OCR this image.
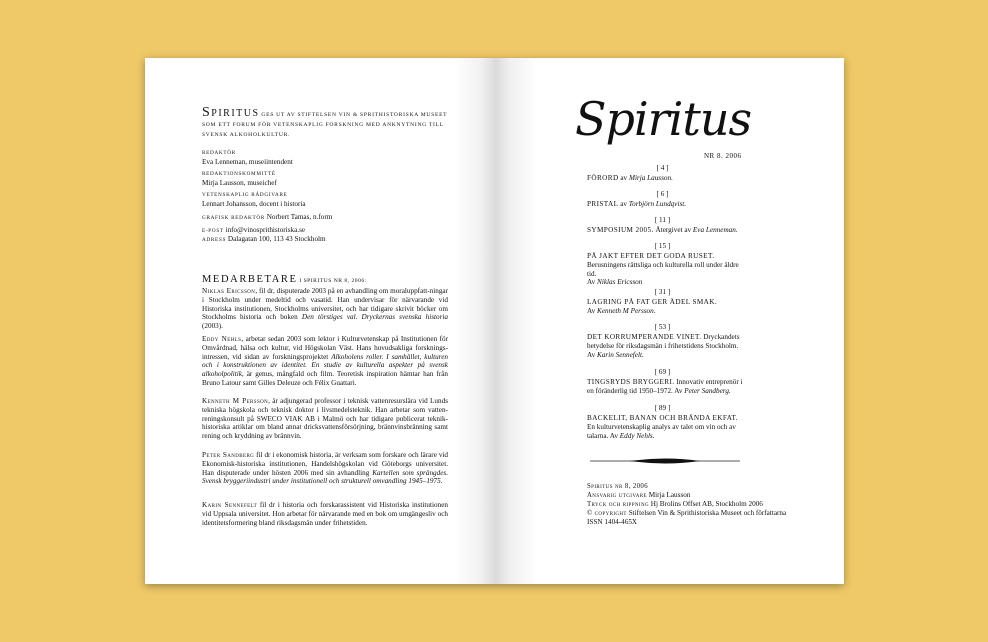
Spiritus GES UT AV STIFTELSEN VIN & SPRITHISTORISKA MUSEET SOM ETT FORUM FÖR VETENSKAPLIG FORSKNING MED ANKNYTNING TILL SVENSK ALKOHOLKULTUR.
REDAKTÖR
Eva Lenneman, museiintendent
REDAKTIONSKOMMITTÉ
Mirja Lausson, museichef
VETENSKAPLIG RÅDGIVARE
Lennart Johansson, docent i historia
GRAFISK REDAKTÖR Norbert Tamas, n.form
E-POST info@vinosprithistoriska.se
ADRESS Dalagatan 100, 113 43 Stockholm
MEDARBETARE I SPIRITUS NR 8, 2006:
Niklas Ericsson, fil dr, disputerade 2003 på en avhandling om moraluppfatt-ningar i Stockholm under medeltid och vasatid. Han undervisar för närvarande vid Historiska institutionen, Stockholms universitet, och har tidigare skrivit böcker om Stockholms historia och boken Den törstiges val. Dryckernas svenska historia (2003).
Eddy Nehls, arbetar sedan 2003 som lektor i Kulturvetenskap på Institutionen för Omvårdnad, hälsa och kultur, vid Högskolan Väst. Hans huvudsakliga forsknings-intressen, vid sidan av forskningsprojektet Alkoholens roller. I samhället, kulturen och i konstruktionen av identitet. En studie av kulturella aspekter på svensk alkoholpolitik, är genus, mångfald och film. Teoretisk inspiration hämtar han från Bruno Latour samt Gilles Deleuze och Félix Guattari.
Kenneth M Persson, är adjungerad professor i teknisk vattenresurslära vid Lunds tekniska högskola och teknisk doktor i livsmedelsteknik. Han arbetar som vatten-reningskonsult på SWECO VIAK AB i Malmö och har tidigare publicerat teknik-historiska artiklar om bland annat dricksvattensförsörjning, brännvinsbränning samt rening och kryddning av brännvin.
Peter Sandberg fil dr i ekonomisk historia, är verksam som forskare och lärare vid Ekonomisk-historiska institutionen, Handelshögskolan vid Göteborgs universitet. Han disputerade under hösten 2006 med sin avhandling Kartellen som sprängdes. Svensk bryggeriindustri under institutionell och strukturell omvandling 1945–1975.
Karin Sennefelt fil dr i historia och forskarassistent vid Historiska institutionen vid Uppsala universitet. Hon arbetar för närvarande med en bok om umgängesliv och identitetsformering bland riksdagsmän under frihetstiden.
Spiritus
NR 8. 2006
[ 4 ]
FÖRORD av Mirja Lausson.
[ 6 ]
PRISTAL av Torbjörn Lundqvist.
[ 11 ]
SYMPOSIUM 2005. Återgivet av Eva Lenneman.
[ 15 ]
PÅ JAKT EFTER DET GODA RUSET.
Berusningens rättsliga och kulturella roll under äldre tid.
Av Niklas Ericsson
[ 31 ]
LAGRING PÅ FAT GER ÄDEL SMAK.
Av Kenneth M Persson.
[ 53 ]
DET KORRUMPERANDE VINET. Dryckandets betydelse för riksdagsmän i frihetstidens Stockholm.
Av Karin Sennefelt.
[ 69 ]
TINGSRYDS BRYGGERI. Innovativ entreprenör i en föränderlig tid 1950–1972. Av Peter Sandberg.
[ 89 ]
BACKELIT, BANAN OCH BRÄNDA EKFAT.
En kulturvetenskaplig analys av talet om vin och av talarna. Av Eddy Nehls.
Spiritus nr 8, 2006
Ansvarig utgivare Mirja Lausson
Tryck och rippning Hj Brolins Offset AB, Stockholm 2006
© copyright Stiftelsen Vin & Sprithistoriska Museet och författarna
ISSN 1404-465X
